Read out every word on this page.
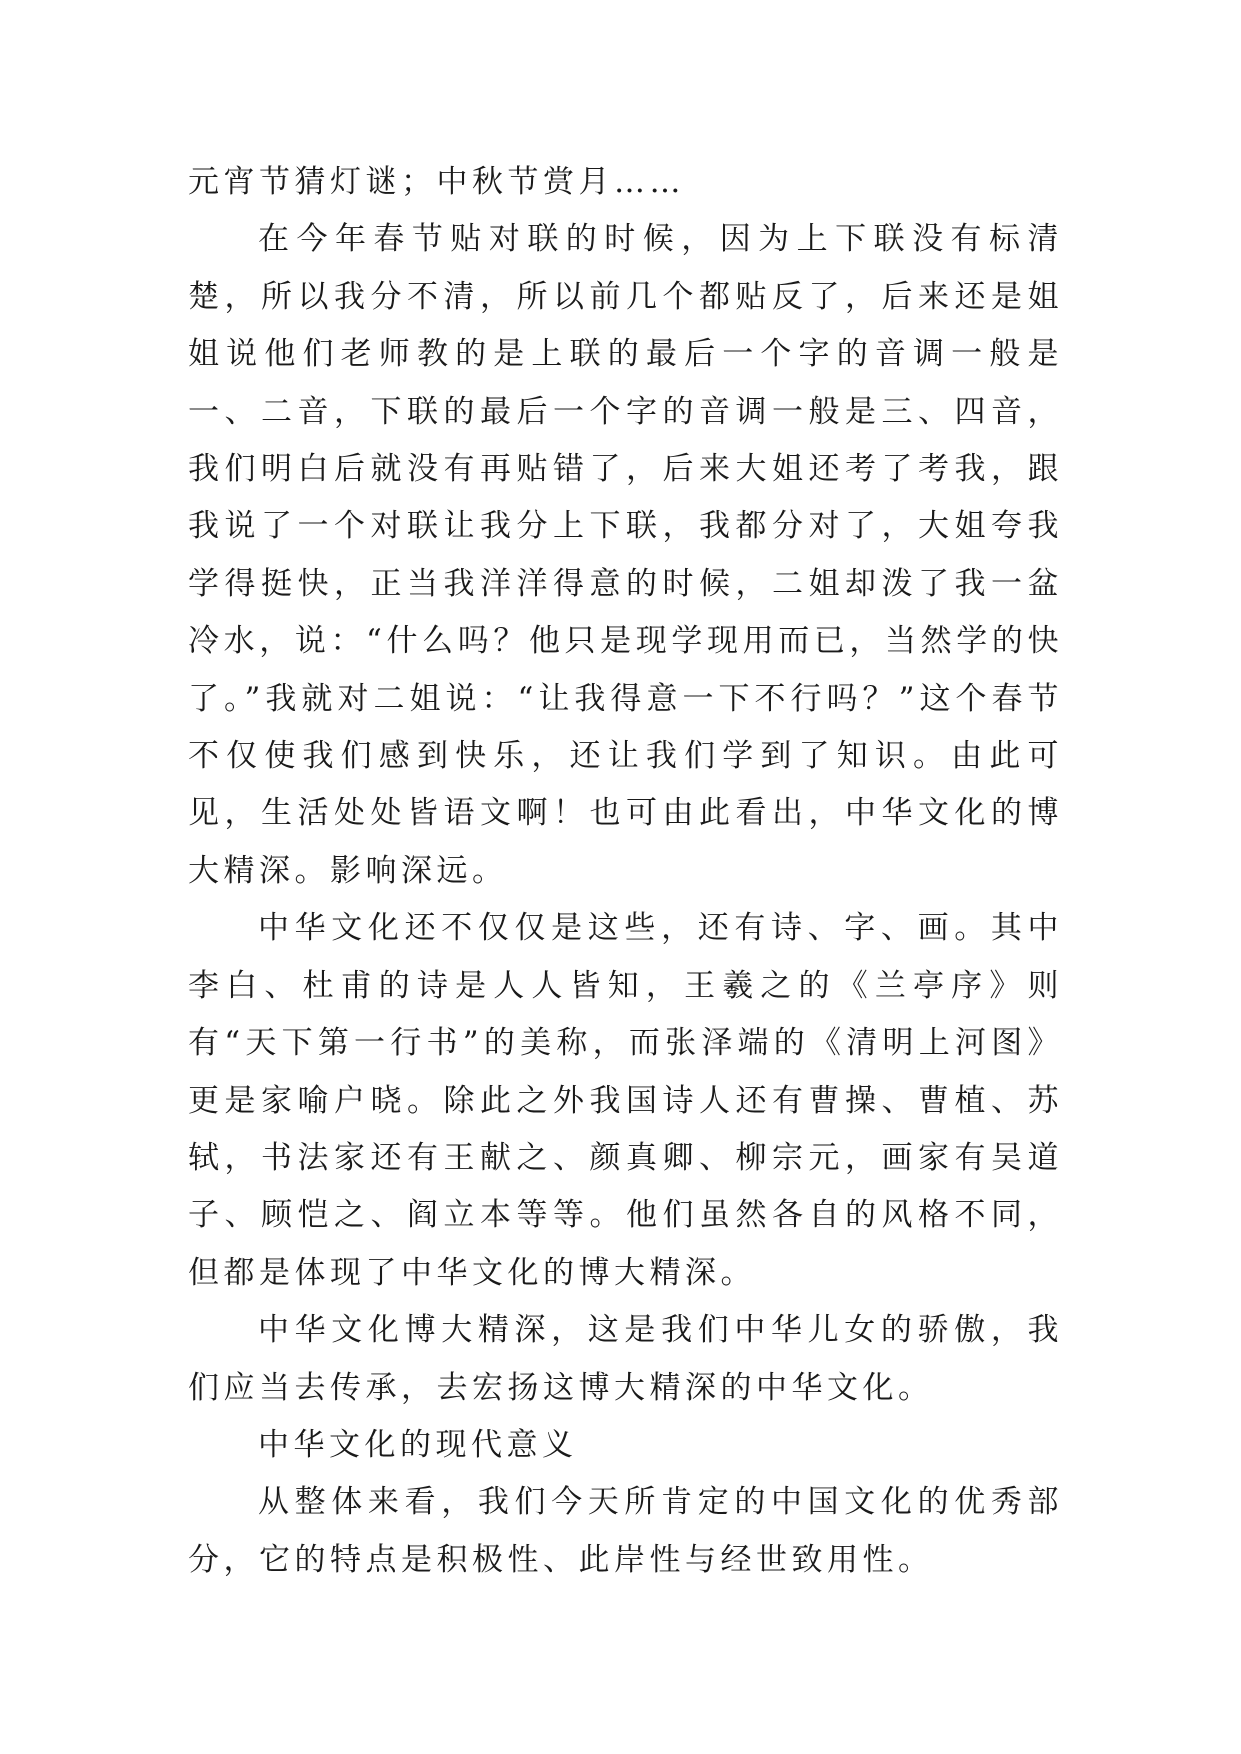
元宵节猜灯谜；中秋节赏月……

在今年春节贴对联的时候，因为上下联没有标清楚，所以我分不清，所以前几个都贴反了，后来还是姐姐说他们老师教的是上联的最后一个字的音调一般是一、二音，下联的最后一个字的音调一般是三、四音，我们明白后就没有再贴错了，后来大姐还考了考我，跟我说了一个对联让我分上下联，我都分对了，大姐夸我学得挺快，正当我洋洋得意的时候，二姐却泼了我一盆冷水，说：“什么吗？他只是现学现用而已，当然学的快了。”我就对二姐说：“让我得意一下不行吗？”这个春节不仅使我们感到快乐，还让我们学到了知识。由此可见，生活处处皆语文啊！也可由此看出，中华文化的博大精深。影响深远。

中华文化还不仅仅是这些，还有诗、字、画。其中李白、杜甫的诗是人人皆知，王羲之的《兰亭序》则有“天下第一行书”的美称，而张泽端的《清明上河图》更是家喻户晓。除此之外我国诗人还有曹操、曹植、苏轼，书法家还有王献之、颜真卿、柳宗元，画家有吴道子、顾恺之、阎立本等等。他们虽然各自的风格不同，但都是体现了中华文化的博大精深。

中华文化博大精深，这是我们中华儿女的骄傲，我们应当去传承，去宏扬这博大精深的中华文化。

中华文化的现代意义

从整体来看，我们今天所肯定的中国文化的优秀部分，它的特点是积极性、此岸性与经世致用性。
